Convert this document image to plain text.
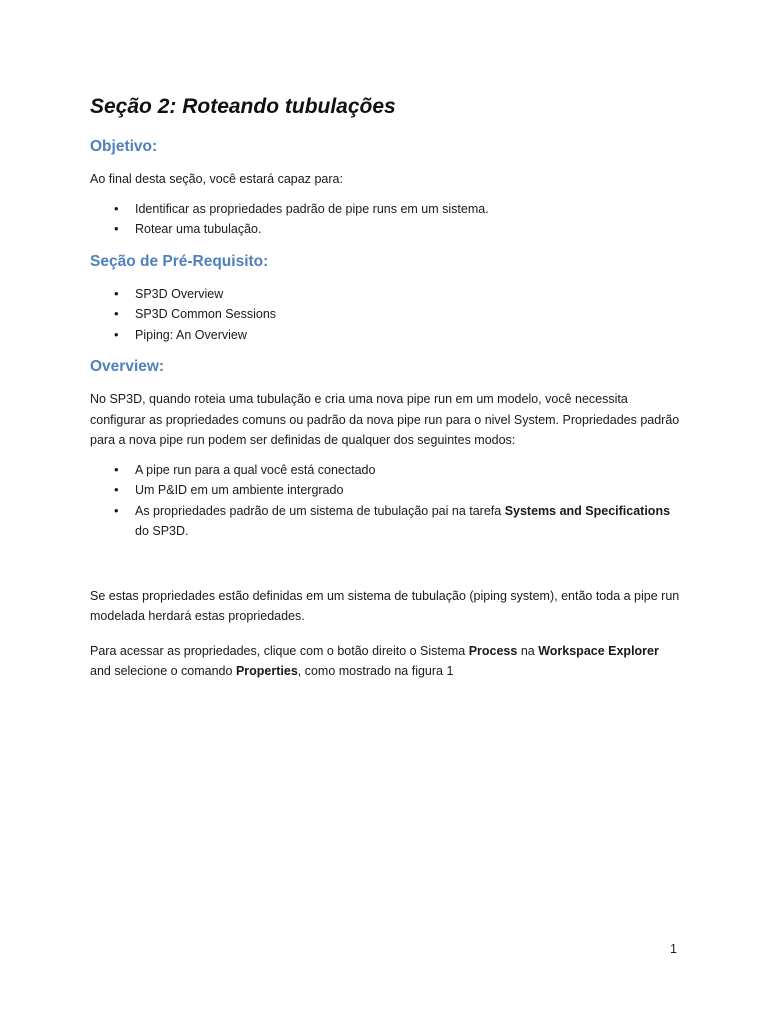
Seção 2: Roteando tubulações
Objetivo:

Ao final desta seção, você estará capaz para:

• Identificar as propriedades padrão de pipe runs em um sistema.
• Rotear uma tubulação.
Seção de Pré-Requisito:
• SP3D Overview
• SP3D Common Sessions
• Piping: An Overview
Overview:

No SP3D, quando roteia uma tubulação e cria uma nova pipe run em um modelo, você necessita configurar as propriedades comuns ou padrão da nova pipe run para o nivel System. Propriedades padrão para a nova pipe run podem ser definidas de qualquer dos seguintes modos:

• A pipe run para a qual você está conectado
• Um P&ID em um ambiente intergrado
• As propriedades padrão de um sistema de tubulação pai na tarefa Systems and Specifications do SP3D.

Se estas propriedades estão definidas em um sistema de tubulação (piping system), então toda a pipe run modelada herdará estas propriedades.

Para acessar as propriedades, clique com o botão direito o Sistema Process na Workspace Explorer and selecione o comando Properties, como mostrado na figura 1

1
